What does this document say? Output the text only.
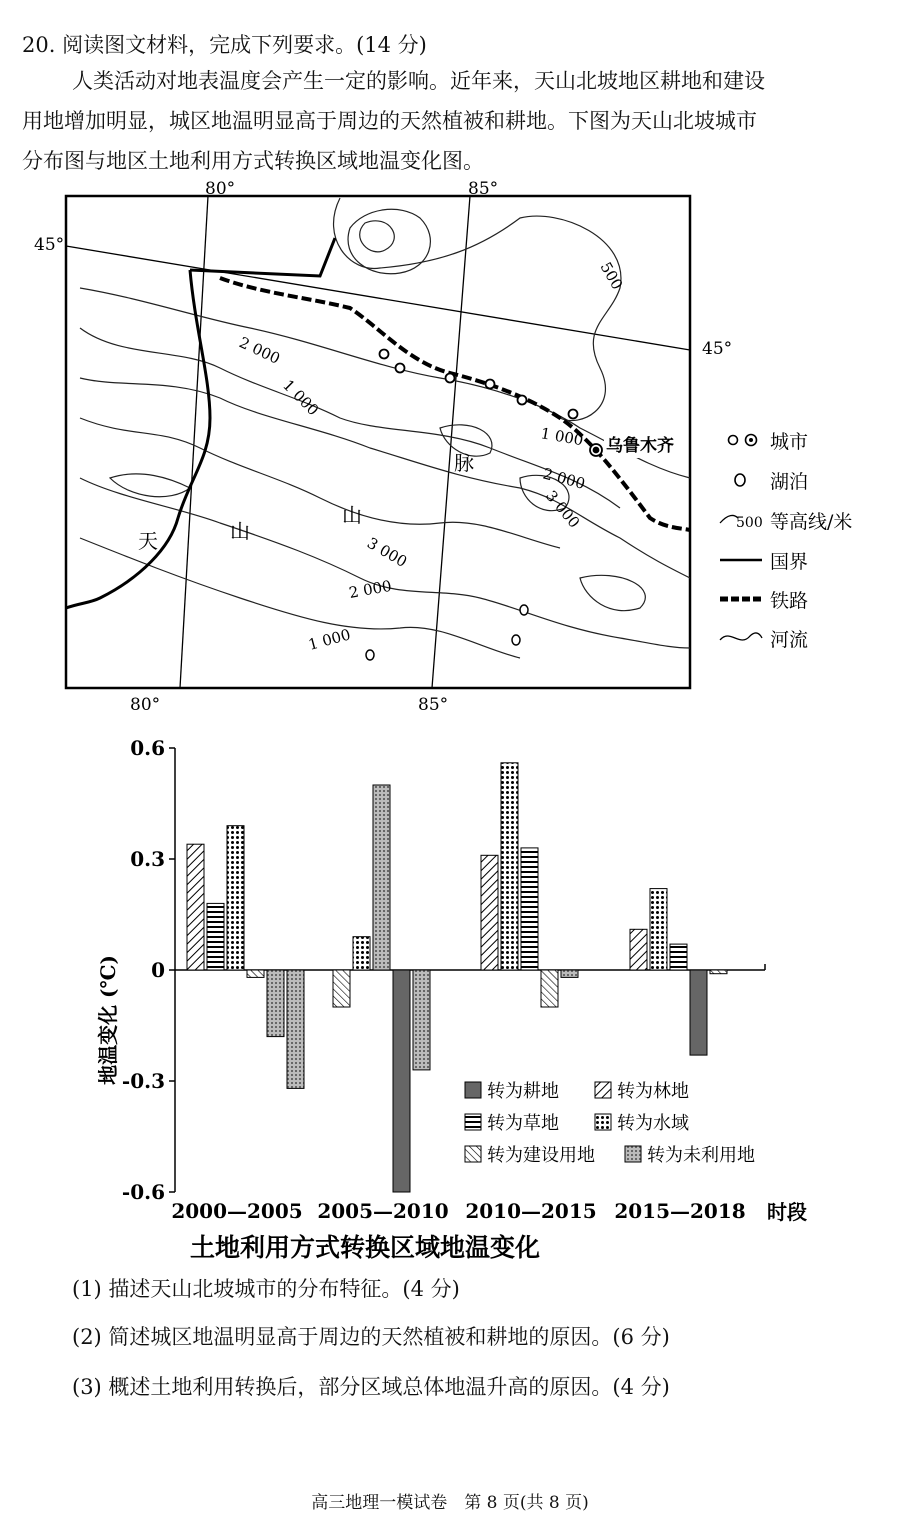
20. 阅读图文材料，完成下列要求。(14 分)
人类活动对地表温度会产生一定的影响。近年来，天山北坡地区耕地和建设
用地增加明显，城区地温明显高于周边的天然植被和耕地。下图为天山北坡城市
分布图与地区土地利用方式转换区域地温变化图。
80°	85°
80°	85°
45°
45°
500
2 000
1 000
1 000
2 000
3 000
3 000
2 000
1 000
乌鲁木齐
天	山
山
脉
城市
湖泊
500 等高线/米
国界
铁路
河流
0.6
0.3
0
-0.3
-0.6
2000—2005 2005—2010 2010—2015 2015—2018
转为耕地	转为林地
转为草地	转为水域
转为建设用地	转为未利用地
地温变化 (℃)
时段
土地利用方式转换区域地温变化
(1) 描述天山北坡城市的分布特征。(4 分)
(2) 简述城区地温明显高于周边的天然植被和耕地的原因。(6 分)
(3) 概述土地利用转换后，部分区域总体地温升高的原因。(4 分)
高三地理一模试卷　第 8 页(共 8 页)
